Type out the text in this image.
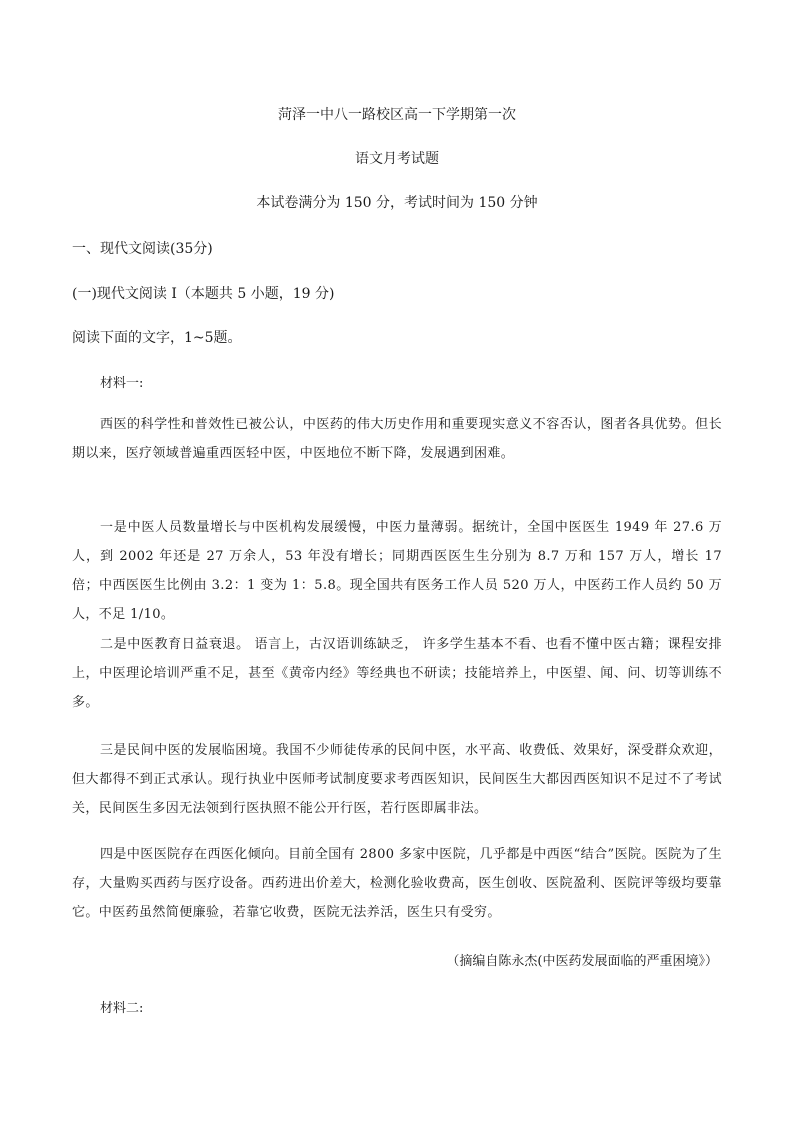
菏泽一中八一路校区高一下学期第一次
语文月考试题
本试卷满分为 150 分，考试时间为 150 分钟
一、现代文阅读(35分)
(一)现代文阅读 I（本题共 5 小题，19 分)
阅读下面的文字，1~5题。
材料一:
西医的科学性和普效性已被公认，中医药的伟大历史作用和重要现实意义不容否认，图者各具优势。但长期以来，医疗领域普遍重西医轻中医，中医地位不断下降，发展遇到困难。
一是中医人员数量增长与中医机构发展缓慢，中医力量薄弱。据统计，全国中医医生 1949 年 27.6 万人，到 2002 年还是 27 万余人，53 年没有增长；同期西医医生生分别为 8.7 万和 157 万人，增长 17 倍；中西医医生比例由 3.2：1 变为 1：5.8。现全国共有医务工作人员 520 万人，中医药工作人员约 50 万人，不足 1/10。
二是中医教育日益衰退。 语言上，古汉语训练缺乏， 许多学生基本不看、也看不懂中医古籍；课程安排上，中医理论培训严重不足，甚至《黄帝内经》等经典也不研读；技能培养上，中医望、闻、问、切等训练不多。
三是民间中医的发展临困境。我国不少师徒传承的民间中医，水平高、收费低、效果好，深受群众欢迎，但大都得不到正式承认。现行执业中医师考试制度要求考西医知识，民间医生大都因西医知识不足过不了考试关，民间医生多因无法领到行医执照不能公开行医，若行医即属非法。
四是中医医院存在西医化倾向。目前全国有 2800 多家中医院，几乎都是中西医“结合”医院。医院为了生存，大量购买西药与医疗设备。西药进出价差大，检测化验收费高，医生创收、医院盈利、医院评等级均要靠它。中医药虽然简便廉验，若靠它收费，医院无法养活，医生只有受穷。
（摘编自陈永杰(中医药发展面临的严重困境》）
材料二:
